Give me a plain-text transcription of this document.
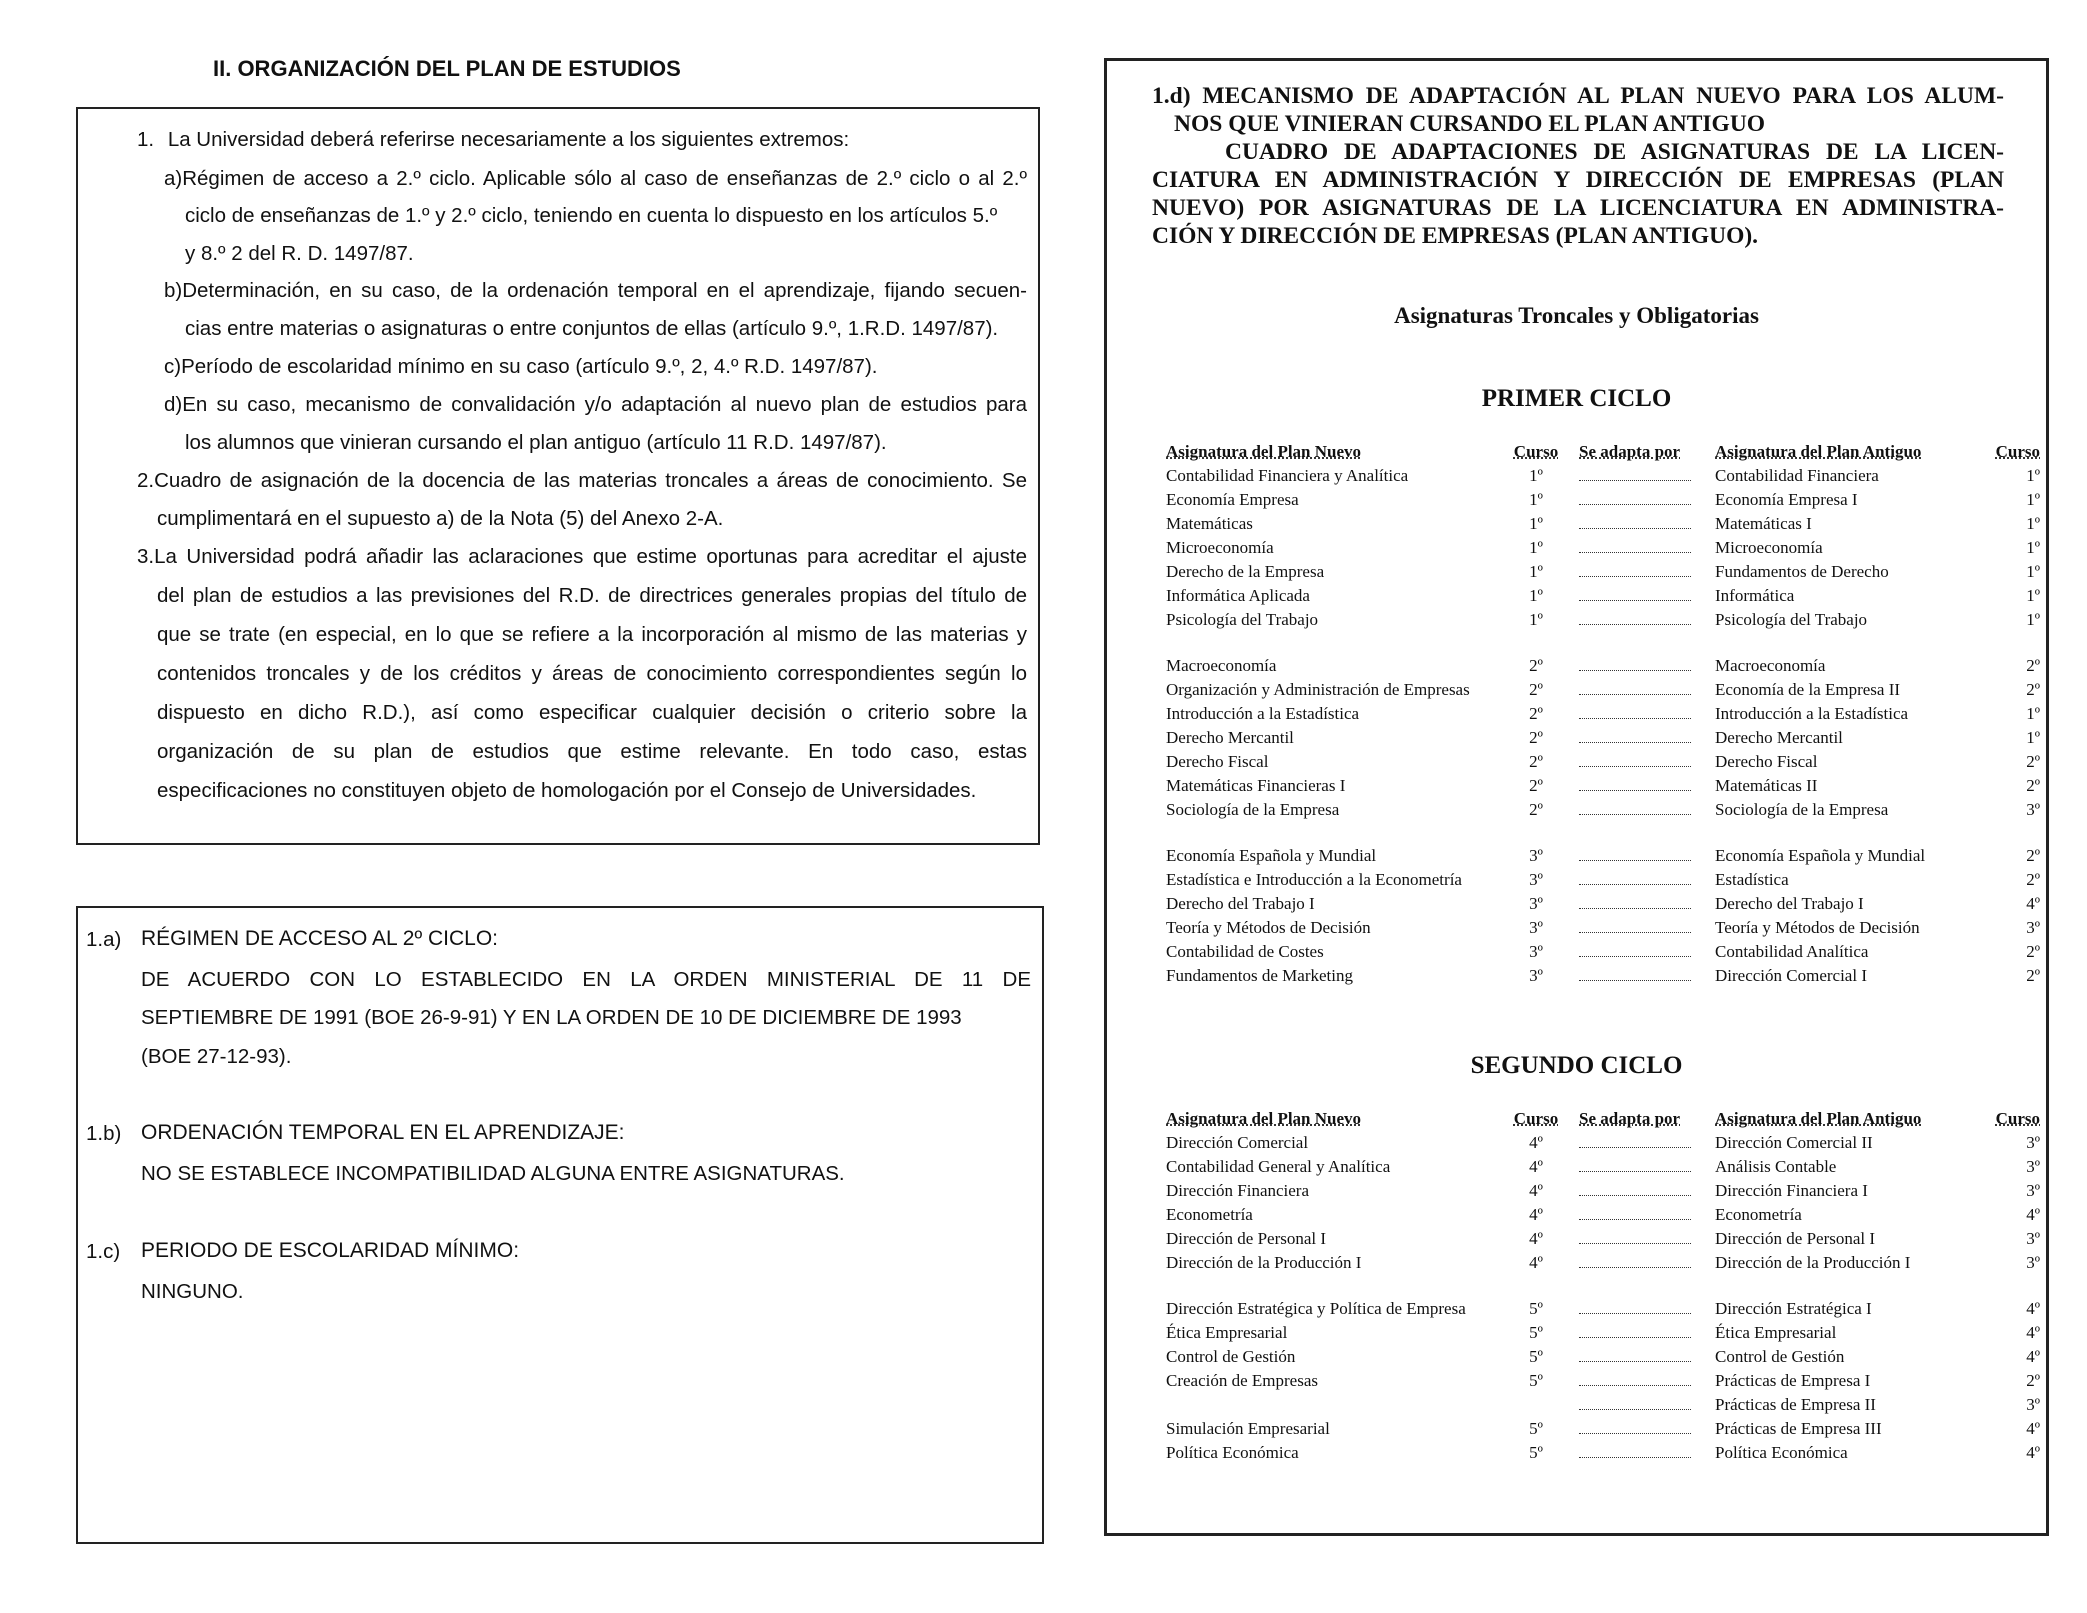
II. ORGANIZACIÓN DEL PLAN DE ESTUDIOS
1. La Universidad deberá referirse necesariamente a los siguientes extremos:
a)Régimen de acceso a 2.º ciclo. Aplicable sólo al caso de enseñanzas de 2.º ciclo o al 2.º
ciclo de enseñanzas de 1.º y 2.º ciclo, teniendo en cuenta lo dispuesto en los artículos 5.º
y 8.º 2 del R. D. 1497/87.
b)Determinación, en su caso, de la ordenación temporal en el aprendizaje, fijando secuen-
cias entre materias o asignaturas o entre conjuntos de ellas (artículo 9.º, 1.R.D. 1497/87).
c)Período de escolaridad mínimo en su caso (artículo 9.º, 2, 4.º R.D. 1497/87).
d)En su caso, mecanismo de convalidación y/o adaptación al nuevo plan de estudios para
los alumnos que vinieran cursando el plan antiguo (artículo 11 R.D. 1497/87).
2.Cuadro de asignación de la docencia de las materias troncales a áreas de conocimiento. Se
cumplimentará en el supuesto a) de la Nota (5) del Anexo 2-A.
3.La Universidad podrá añadir las aclaraciones que estime oportunas para acreditar el ajuste
del plan de estudios a las previsiones del R.D. de directrices generales propias del título de
que se trate (en especial, en lo que se refiere a la incorporación al mismo de las materias y
contenidos troncales y de los créditos y áreas de conocimiento correspondientes según lo
dispuesto en dicho R.D.), así como especificar cualquier decisión o criterio sobre la
organización de su plan de estudios que estime relevante. En todo caso, estas
especificaciones no constituyen objeto de homologación por el Consejo de Universidades.
1.a) RÉGIMEN DE ACCESO AL 2º CICLO:
DE ACUERDO CON LO ESTABLECIDO EN LA ORDEN MINISTERIAL DE 11 DE
SEPTIEMBRE DE 1991 (BOE 26-9-91) Y EN LA ORDEN DE 10 DE DICIEMBRE DE 1993
(BOE 27-12-93).
1.b) ORDENACIÓN TEMPORAL EN EL APRENDIZAJE:
NO SE ESTABLECE INCOMPATIBILIDAD ALGUNA ENTRE ASIGNATURAS.
1.c) PERIODO DE ESCOLARIDAD MÍNIMO:
NINGUNO.
1.d) MECANISMO DE ADAPTACIÓN AL PLAN NUEVO PARA LOS ALUM-
NOS QUE VINIERAN CURSANDO EL PLAN ANTIGUO
CUADRO DE ADAPTACIONES DE ASIGNATURAS DE LA LICEN-
CIATURA EN ADMINISTRACIÓN Y DIRECCIÓN DE EMPRESAS (PLAN
NUEVO) POR ASIGNATURAS DE LA LICENCIATURA EN ADMINISTRA-
CIÓN Y DIRECCIÓN DE EMPRESAS (PLAN ANTIGUO).
Asignaturas Troncales y Obligatorias
PRIMER CICLO
Asignatura del Plan Nuevo	Curso	Se adapta por	Asignatura del Plan Antiguo	Curso
Contabilidad Financiera y Analítica	1º		Contabilidad Financiera	1º
Economía Empresa	1º		Economía Empresa I	1º
Matemáticas	1º		Matemáticas I	1º
Microeconomía	1º		Microeconomía	1º
Derecho de la Empresa	1º		Fundamentos de Derecho	1º
Informática Aplicada	1º		Informática	1º
Psicología del Trabajo	1º		Psicología del Trabajo	1º

Macroeconomía	2º		Macroeconomía	2º
Organización y Administración de Empresas	2º		Economía de la Empresa II	2º
Introducción a la Estadística	2º		Introducción a la Estadística	1º
Derecho Mercantil	2º		Derecho Mercantil	1º
Derecho Fiscal	2º		Derecho Fiscal	2º
Matemáticas Financieras I	2º		Matemáticas II	2º
Sociología de la Empresa	2º		Sociología de la Empresa	3º

Economía Española y Mundial	3º		Economía Española y Mundial	2º
Estadística e Introducción a la Econometría	3º		Estadística	2º
Derecho del Trabajo I	3º		Derecho del Trabajo I	4º
Teoría y Métodos de Decisión	3º		Teoría y Métodos de Decisión	3º
Contabilidad de Costes	3º		Contabilidad Analítica	2º
Fundamentos de Marketing	3º		Dirección Comercial I	2º
SEGUNDO CICLO
Asignatura del Plan Nuevo	Curso	Se adapta por	Asignatura del Plan Antiguo	Curso
Dirección Comercial	4º		Dirección Comercial II	3º
Contabilidad General y Analítica	4º		Análisis Contable	3º
Dirección Financiera	4º		Dirección Financiera I	3º
Econometría	4º		Econometría	4º
Dirección de Personal I	4º		Dirección de Personal I	3º
Dirección de la Producción I	4º		Dirección de la Producción I	3º

Dirección Estratégica y Política de Empresa	5º		Dirección Estratégica I	4º
Ética Empresarial	5º		Ética Empresarial	4º
Control de Gestión	5º		Control de Gestión	4º
Creación de Empresas	5º		Prácticas de Empresa I	2º
			Prácticas de Empresa II	3º
Simulación Empresarial	5º		Prácticas de Empresa III	4º
Política Económica	5º		Política Económica	4º
